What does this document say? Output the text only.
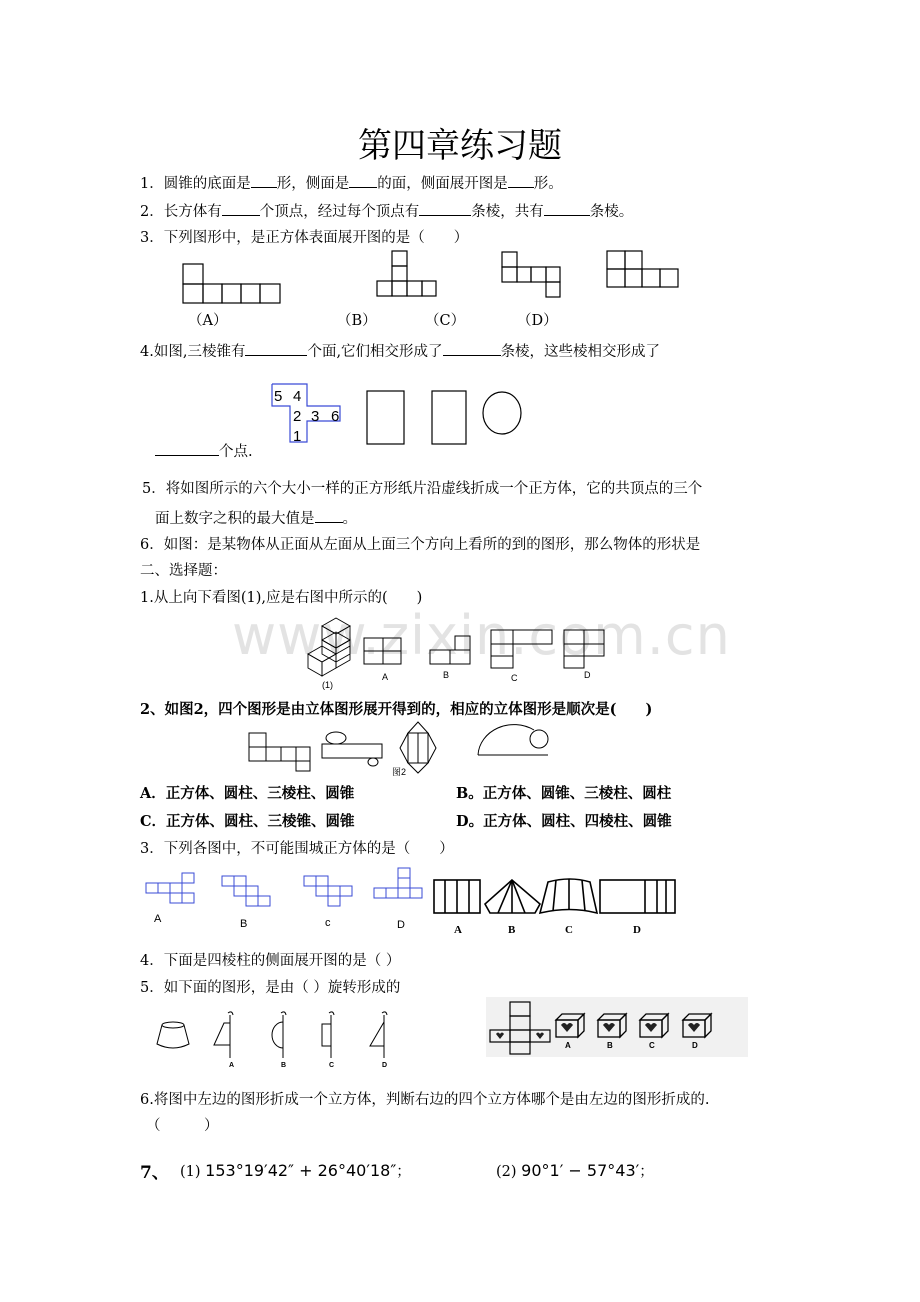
www.zixin.com.cn
第四章练习题
1．圆锥的底面是 形，侧面是 的面，侧面展开图是 形。
2．长方体有	个顶点，经过每个顶点有	条棱，共有	条棱。
3．下列图形中，是正方体表面展开图的是（　　）
（A）	（B）	（C）	（D）
4.如图,三棱锥有	个面,它们相交形成了	条棱，这些棱相交形成了
5 4
2 3 6
1
个点.
5．将如图所示的六个大小一样的正方形纸片沿虚线折成一个正方体，它的共顶点的三个
面上数字之积的最大值是 。
6．如图：是某物体从正面从左面从上面三个方向上看所的到的图形，那么物体的形状是
二、选择题：
1.从上向下看图(1),应是右图中所示的(　　)
(1)
A	B	C	D
2、如图2，四个图形是由立体图形展开得到的，相应的立体图形是顺次是(　　)
图2
A．正方体、圆柱、三棱柱、圆锥	B。正方体、圆锥、三棱柱、圆柱
C．正方体、圆柱、三棱锥、圆锥	D。正方体、圆柱、四棱柱、圆锥
3．下列各图中，不可能围城正方体的是（　　）
A	B	c	D	A	B	C	D
4．下面是四棱柱的侧面展开图的是（ ）
5．如下面的图形，是由（ ）旋转形成的
A	B	C	D
A	B	C	D
6.将图中左边的图形折成一个立方体，判断右边的四个立方体哪个是由左边的图形折成的.
（　　　）
7、 (1) 153°19′42″ + 26°40′18″；	(2) 90°1′ − 57°43′；
